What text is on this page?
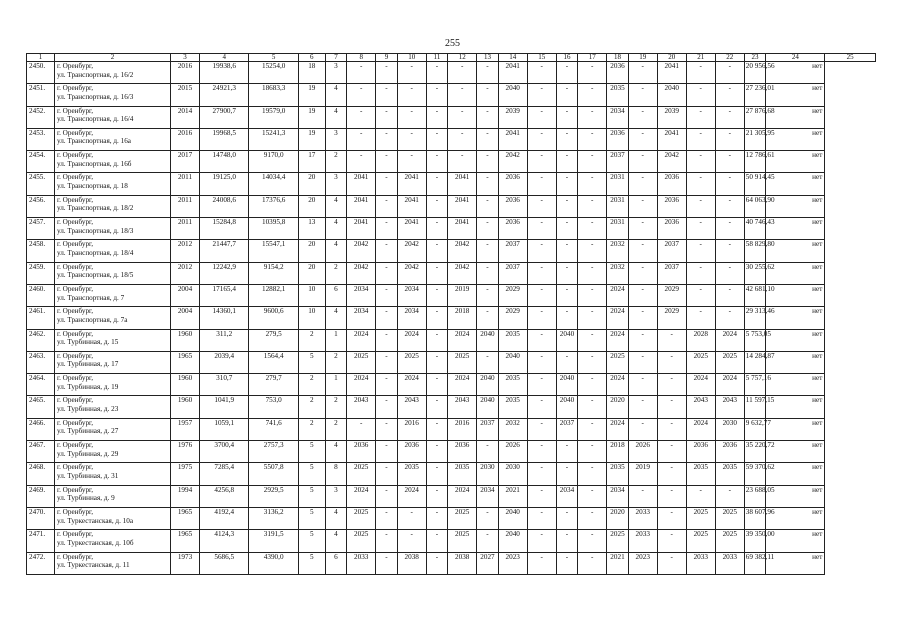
255
1	2	3	4	5	6	7	8	9	10	11	12	13	14	15	16	17	18	19	20	21	22	23	24	25
2450.	г. Оренбург,
ул. Транспортная, д. 16/2	2016	19938,6	15254,0	18	3	-	-	-	-	-	-	2041	-	-	-	2036	-	2041	-	-	20 956,56	нет	
2451.	г. Оренбург,
ул. Транспортная, д. 16/3	2015	24921,3	18683,3	19	4	-	-	-	-	-	-	2040	-	-	-	2035	-	2040	-	-	27 236,01	нет	
2452.	г. Оренбург,
ул. Транспортная, д. 16/4	2014	27900,7	19579,0	19	4	-	-	-	-	-	-	2039	-	-	-	2034	-	2039	-	-	27 876,68	нет	
2453.	г. Оренбург,
ул. Транспортная, д. 16а	2016	19968,5	15241,3	19	3	-	-	-	-	-	-	2041	-	-	-	2036	-	2041	-	-	21 305,95	нет	
2454.	г. Оренбург,
ул. Транспортная, д. 16б	2017	14748,0	9170,0	17	2	-	-	-	-	-	-	2042	-	-	-	2037	-	2042	-	-	12 786,61	нет	
2455.	г. Оренбург,
ул. Транспортная, д. 18	2011	19125,0	14034,4	20	3	2041	-	2041	-	2041	-	2036	-	-	-	2031	-	2036	-	-	50 914,45	нет	
2456.	г. Оренбург,
ул. Транспортная, д. 18/2	2011	24008,6	17376,6	20	4	2041	-	2041	-	2041	-	2036	-	-	-	2031	-	2036	-	-	64 063,90	нет	
2457.	г. Оренбург,
ул. Транспортная, д. 18/3	2011	15284,8	10395,8	13	4	2041	-	2041	-	2041	-	2036	-	-	-	2031	-	2036	-	-	40 746,43	нет	
2458.	г. Оренбург,
ул. Транспортная, д. 18/4	2012	21447,7	15547,1	20	4	2042	-	2042	-	2042	-	2037	-	-	-	2032	-	2037	-	-	58 829,80	нет	
2459.	г. Оренбург,
ул. Транспортная, д. 18/5	2012	12242,9	9154,2	20	2	2042	-	2042	-	2042	-	2037	-	-	-	2032	-	2037	-	-	30 255,62	нет	
2460.	г. Оренбург,
ул. Транспортная, д. 7	2004	17165,4	12882,1	10	6	2034	-	2034	-	2019	-	2029	-	-	-	2024	-	2029	-	-	42 681,10	нет	
2461.	г. Оренбург,
ул. Транспортная, д. 7а	2004	14360,1	9600,6	10	4	2034	-	2034	-	2018	-	2029	-	-	-	2024	-	2029	-	-	29 313,46	нет	
2462.	г. Оренбург,
ул. Турбинная, д. 15	1960	311,2	279,5	2	1	2024	-	2024	-	2024	2040	2035	-	2040	-	2024	-	-	2028	2024	5 753,05	нет	
2463.	г. Оренбург,
ул. Турбинная, д. 17	1965	2039,4	1564,4	5	2	2025	-	2025	-	2025	-	2040	-	-	-	2025	-	-	2025	2025	14 284,87	нет	
2464.	г. Оренбург,
ул. Турбинная, д. 19	1960	310,7	279,7	2	1	2024	-	2024	-	2024	2040	2035	-	2040	-	2024	-	-	2024	2024	5 757,16	нет	
2465.	г. Оренбург,
ул. Турбинная, д. 23	1960	1041,9	753,0	2	2	2043	-	2043	-	2043	2040	2035	-	2040	-	2020	-	-	2043	2043	11 597,15	нет	
2466.	г. Оренбург,
ул. Турбинная, д. 27	1957	1059,1	741,6	2	2	-	-	2016	-	2016	2037	2032	-	2037	-	2024	-	-	2024	2030	9 632,77	нет	
2467.	г. Оренбург,
ул. Турбинная, д. 29	1976	3700,4	2757,3	5	4	2036	-	2036	-	2036	-	2026	-	-	-	2018	2026	-	2036	2036	35 220,72	нет	
2468.	г. Оренбург,
ул. Турбинная, д. 31	1975	7285,4	5507,8	5	8	2025	-	2035	-	2035	2030	2030	-	-	-	2035	2019	-	2035	2035	59 370,62	нет	
2469.	г. Оренбург,
ул. Турбинная, д. 9	1994	4256,8	2929,5	5	3	2024	-	2024	-	2024	2034	2021	-	2034	-	2034	-	-	-	-	23 688,05	нет	
2470.	г. Оренбург,
ул. Туркестанская, д. 10а	1965	4192,4	3136,2	5	4	2025	-	-	-	2025	-	2040	-	-	-	2020	2033	-	2025	2025	38 607,96	нет	
2471.	г. Оренбург,
ул. Туркестанская, д. 10б	1965	4124,3	3191,5	5	4	2025	-	-	-	2025	-	2040	-	-	-	2025	2033	-	2025	2025	39 350,00	нет	
2472.	г. Оренбург,
ул. Туркестанская, д. 11	1973	5686,5	4390,0	5	6	2033	-	2038	-	2038	2027	2023	-	-	-	2021	2023	-	2033	2033	69 382,11	нет	
